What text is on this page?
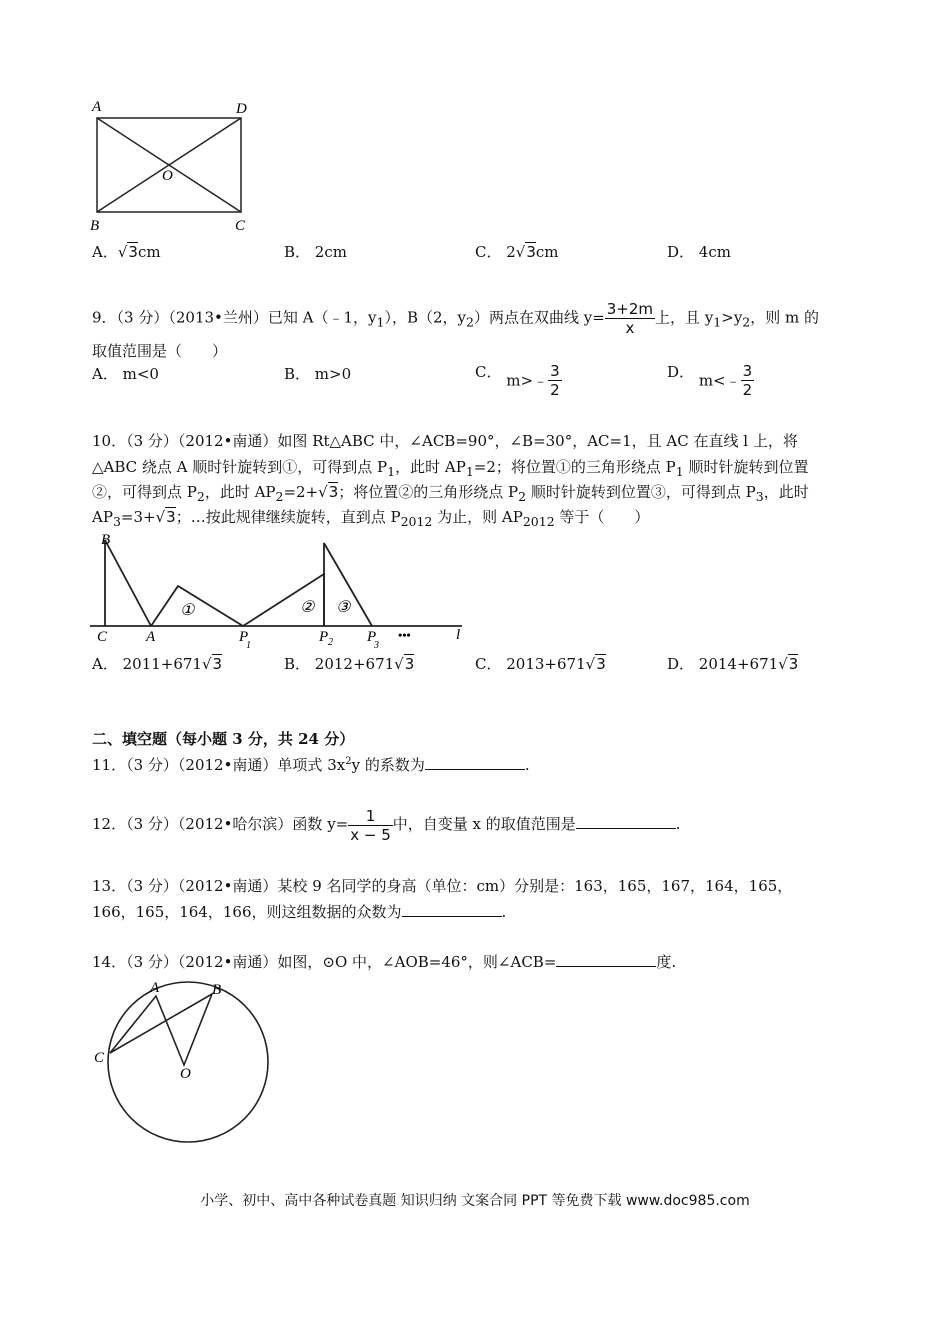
A	D
O
B	C
A．√3cm	B． 2cm	C． 2√3cm	D． 4cm
9．（3 分）（2013•兰州）已知 A（﹣1，$y_1$），B（2，$y_2$）两点在双曲线 $y= \frac{3+2m}{x}$ 上，且 $y_1>y_2$，则 m 的
取值范围是（　　）
A． m<0	B． m>0	C． m>﹣ $\frac{3}{2}$	D． m<﹣ $\frac{3}{2}$
10．（3 分）（2012•南通）如图 Rt△ABC 中，∠ACB=90°，∠B=30°，AC=1，且 AC 在直线 l 上，将
△ABC 绕点 A 顺时针旋转到①，可得到点 $P_1$，此时 $AP_1=2$；将位置①的三角形绕点 $P_1$ 顺时针旋转到位置
②，可得到点 $P_2$，此时 $AP_2=2+√3$；将位置②的三角形绕点 $P_2$ 顺时针旋转到位置③，可得到点 $P_3$，此时
$AP_3=3+√3$；…按此规律继续旋转，直到点 $P_{2012}$ 为止，则 $AP_{2012}$ 等于（　　）
B
C	A	P
1
P 2 P
3
•••	l
①	② ③
A． 2011+671√3	B． 2012+671√3	C． 2013+671√3	D． 2014+671√3
二、填空题（每小题 3 分，共 24 分）
11．（3 分）（2012•南通）单项式 $3x^2y$ 的系数为	.
12．（3 分）（2012•哈尔滨）函数 $y= \frac{1}{x - 5}$ 中，自变量 x 的取值范围是	.
13．（3 分）（2012•南通）某校 9 名同学的身高（单位：cm）分别是：163，165，167，164，165，
166，165，164，166，则这组数据的众数为	.
14．（3 分）（2012•南通）如图，⊙O 中，∠AOB=46°，则∠ACB=	度.
A	B
C
O
小学、初中、高中各种试卷真题 知识归纳 文案合同 PPT 等免费下载 www.doc985.com
